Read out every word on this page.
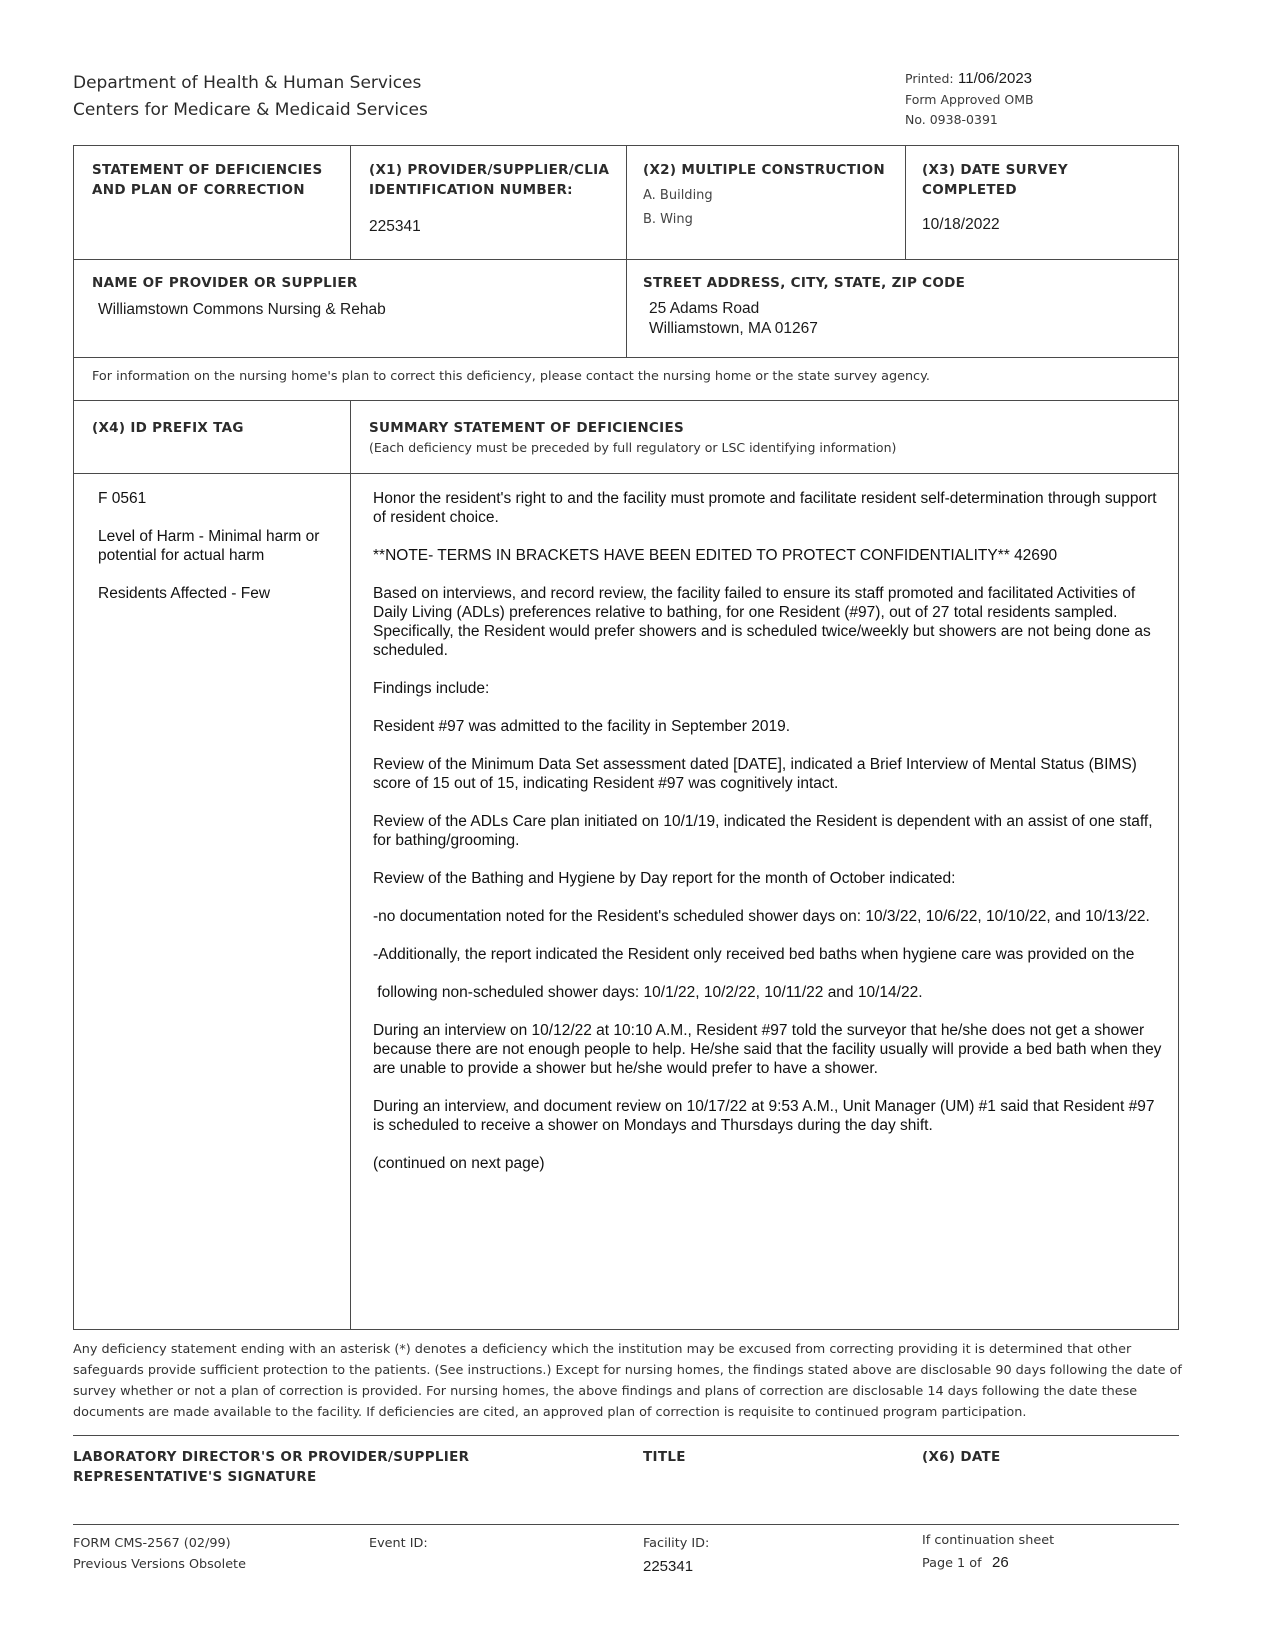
Department of Health & Human Services
Centers for Medicare & Medicaid Services
Printed: 11/06/2023
Form Approved OMB
No. 0938-0391
STATEMENT OF DEFICIENCIES AND PLAN OF CORRECTION
(X1) PROVIDER/SUPPLIER/CLIA IDENTIFICATION NUMBER:
225341
(X2) MULTIPLE CONSTRUCTION
A. Building
B. Wing
(X3) DATE SURVEY COMPLETED
10/18/2022
NAME OF PROVIDER OR SUPPLIER
Williamstown Commons Nursing & Rehab
STREET ADDRESS, CITY, STATE, ZIP CODE
25 Adams Road
Williamstown, MA 01267
For information on the nursing home's plan to correct this deficiency, please contact the nursing home or the state survey agency.
(X4) ID PREFIX TAG	SUMMARY STATEMENT OF DEFICIENCIES
(Each deficiency must be preceded by full regulatory or LSC identifying information)

F 0561

Level of Harm - Minimal harm or potential for actual harm

Residents Affected - Few

Honor the resident's right to and the facility must promote and facilitate resident self-determination through support of resident choice.

**NOTE- TERMS IN BRACKETS HAVE BEEN EDITED TO PROTECT CONFIDENTIALITY** 42690

Based on interviews, and record review, the facility failed to ensure its staff promoted and facilitated Activities of Daily Living (ADLs) preferences relative to bathing, for one Resident (#97), out of 27 total residents sampled. Specifically, the Resident would prefer showers and is scheduled twice/weekly but showers are not being done as scheduled.

Findings include:

Resident #97 was admitted to the facility in September 2019.

Review of the Minimum Data Set assessment dated [DATE], indicated a Brief Interview of Mental Status (BIMS) score of 15 out of 15, indicating Resident #97 was cognitively intact.

Review of the ADLs Care plan initiated on 10/1/19, indicated the Resident is dependent with an assist of one staff, for bathing/grooming.

Review of the Bathing and Hygiene by Day report for the month of October indicated:

-no documentation noted for the Resident's scheduled shower days on: 10/3/22, 10/6/22, 10/10/22, and 10/13/22.

-Additionally, the report indicated the Resident only received bed baths when hygiene care was provided on the

following non-scheduled shower days: 10/1/22, 10/2/22, 10/11/22 and 10/14/22.

During an interview on 10/12/22 at 10:10 A.M., Resident #97 told the surveyor that he/she does not get a shower because there are not enough people to help. He/she said that the facility usually will provide a bed bath when they are unable to provide a shower but he/she would prefer to have a shower.

During an interview, and document review on 10/17/22 at 9:53 A.M., Unit Manager (UM) #1 said that Resident #97 is scheduled to receive a shower on Mondays and Thursdays during the day shift.

(continued on next page)

Any deficiency statement ending with an asterisk (*) denotes a deficiency which the institution may be excused from correcting providing it is determined that other safeguards provide sufficient protection to the patients. (See instructions.) Except for nursing homes, the findings stated above are disclosable 90 days following the date of survey whether or not a plan of correction is provided. For nursing homes, the above findings and plans of correction are disclosable 14 days following the date these documents are made available to the facility. If deficiencies are cited, an approved plan of correction is requisite to continued program participation.
LABORATORY DIRECTOR'S OR PROVIDER/SUPPLIER REPRESENTATIVE'S SIGNATURE
TITLE	(X6) DATE
FORM CMS-2567 (02/99)
Previous Versions Obsolete
Event ID:	Facility ID:
225341
If continuation sheet
Page 1 of 26
